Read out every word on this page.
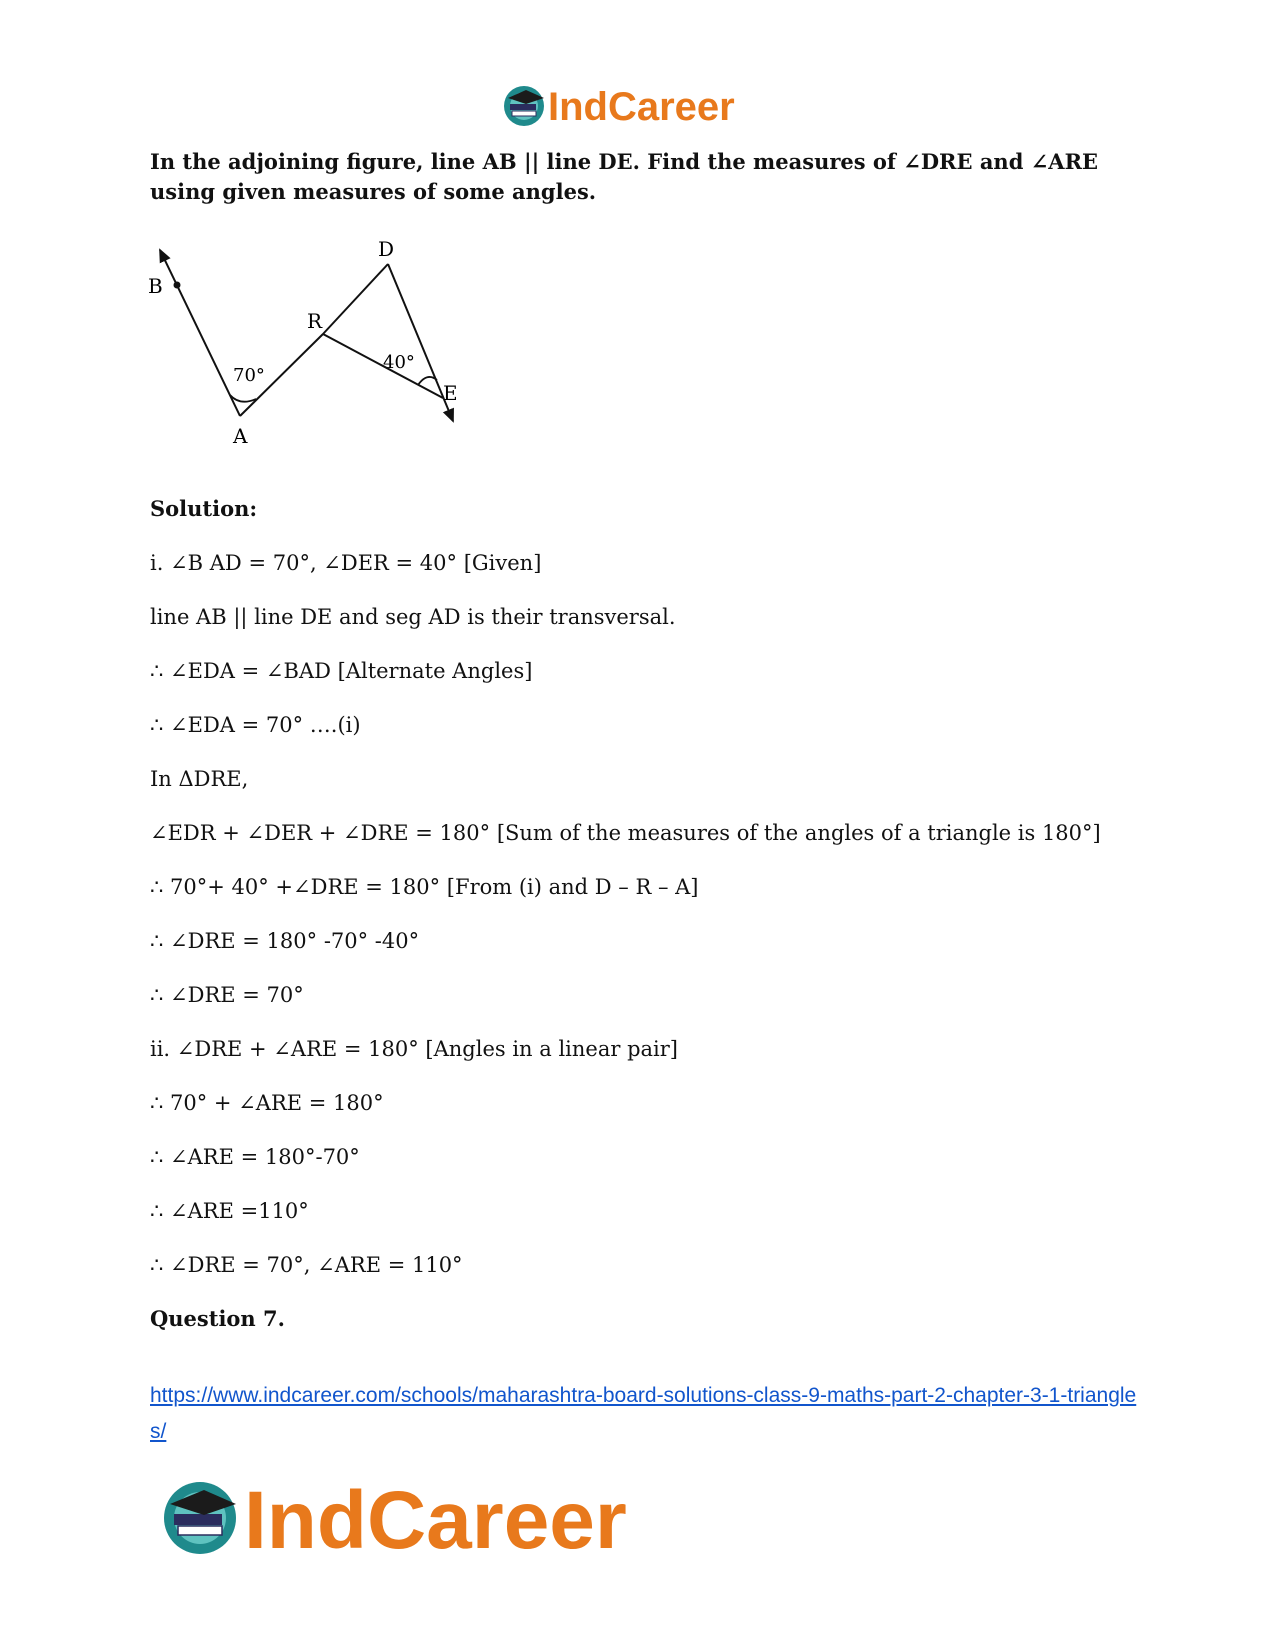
IndCareer

In the adjoining figure, line AB || line DE. Find the measures of ∠DRE and ∠ARE using given measures of some angles.

B
D
R
A
E
70°
40°

Solution:

i. ∠B AD = 70°, ∠DER = 40° [Given]

line AB || line DE and seg AD is their transversal.

∴ ∠EDA = ∠BAD [Alternate Angles]

∴ ∠EDA = 70° ….(i)

In ΔDRE,

∠EDR + ∠DER + ∠DRE = 180° [Sum of the measures of the angles of a triangle is 180°]

∴ 70°+ 40° +∠DRE = 180° [From (i) and D – R – A]

∴ ∠DRE = 180° -70° -40°

∴ ∠DRE = 70°

ii. ∠DRE + ∠ARE = 180° [Angles in a linear pair]

∴ 70° + ∠ARE = 180°

∴ ∠ARE = 180°-70°

∴ ∠ARE =110°

∴ ∠DRE = 70°, ∠ARE = 110°

Question 7.

https://www.indcareer.com/schools/maharashtra-board-solutions-class-9-maths-part-2-chapter-3-1-triangles/
IndCareer
